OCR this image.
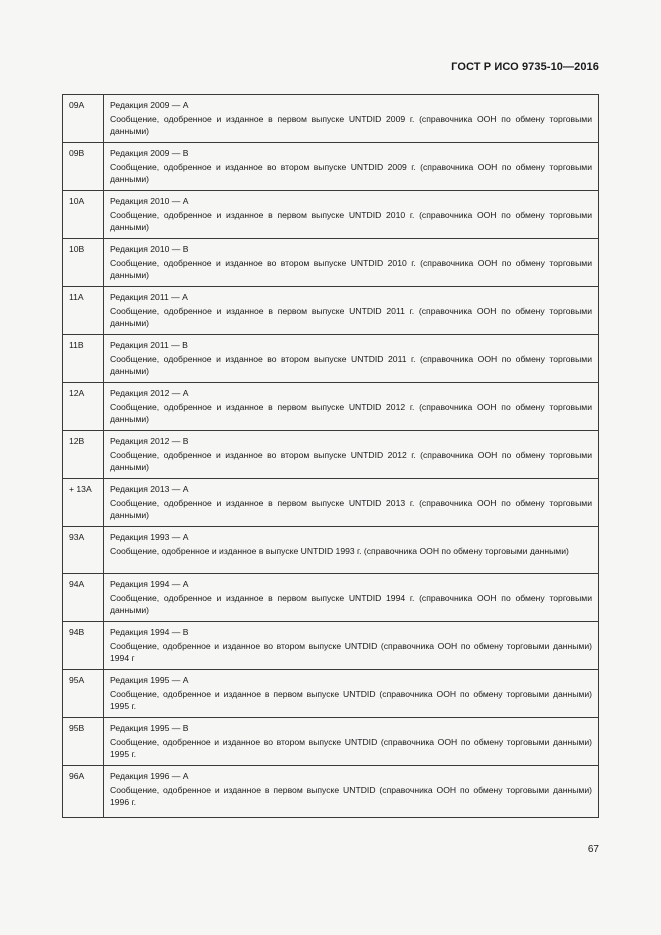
ГОСТ Р ИСО 9735-10—2016
09A	Редакция 2009 — A
Сообщение, одобренное и изданное в первом выпуске UNTDID 2009 г. (справочника ООН по обмену торговыми данными)

09B	Редакция 2009 — B
Сообщение, одобренное и изданное во втором выпуске UNTDID 2009 г. (справочника ООН по обмену торговыми данными)

10A	Редакция 2010 — A
Сообщение, одобренное и изданное в первом выпуске UNTDID 2010 г. (справочника ООН по обмену торговыми данными)

10B	Редакция 2010 — B
Сообщение, одобренное и изданное во втором выпуске UNTDID 2010 г. (справочника ООН по обмену торговыми данными)

11A	Редакция 2011 — A
Сообщение, одобренное и изданное в первом выпуске UNTDID 2011 г. (справочника ООН по обмену торговыми данными)

11B	Редакция 2011 — B
Сообщение, одобренное и изданное во втором выпуске UNTDID 2011 г. (справочника ООН по обмену торговыми данными)

12A	Редакция 2012 — A
Сообщение, одобренное и изданное в первом выпуске UNTDID 2012 г. (справочника ООН по обмену торговыми данными)

12B	Редакция 2012 — B
Сообщение, одобренное и изданное во втором выпуске UNTDID 2012 г. (справочника ООН по обмену торговыми данными)

+ 13A	Редакция 2013 — A
Сообщение, одобренное и изданное в первом выпуске UNTDID 2013 г. (справочника ООН по обмену торговыми данными)

93A	Редакция 1993 — A
Сообщение, одобренное и изданное в выпуске UNTDID 1993 г. (справочника ООН по обмену торговыми данными)

94A	Редакция 1994 — A
Сообщение, одобренное и изданное в первом выпуске UNTDID 1994 г. (справочника ООН по обмену торговыми данными)

94B	Редакция 1994 — B
Сообщение, одобренное и изданное во втором выпуске UNTDID (справочника ООН по обмену торговыми данными) 1994 г

95A	Редакция 1995 — A
Сообщение, одобренное и изданное в первом выпуске UNTDID (справочника ООН по обмену торговыми данными) 1995 г.

95B	Редакция 1995 — B
Сообщение, одобренное и изданное во втором выпуске UNTDID (справочника ООН по обмену торговыми данными) 1995 г.

96A	Редакция 1996 — A
Сообщение, одобренное и изданное в первом выпуске UNTDID (справочника ООН по обмену торговыми данными) 1996 г.
67
